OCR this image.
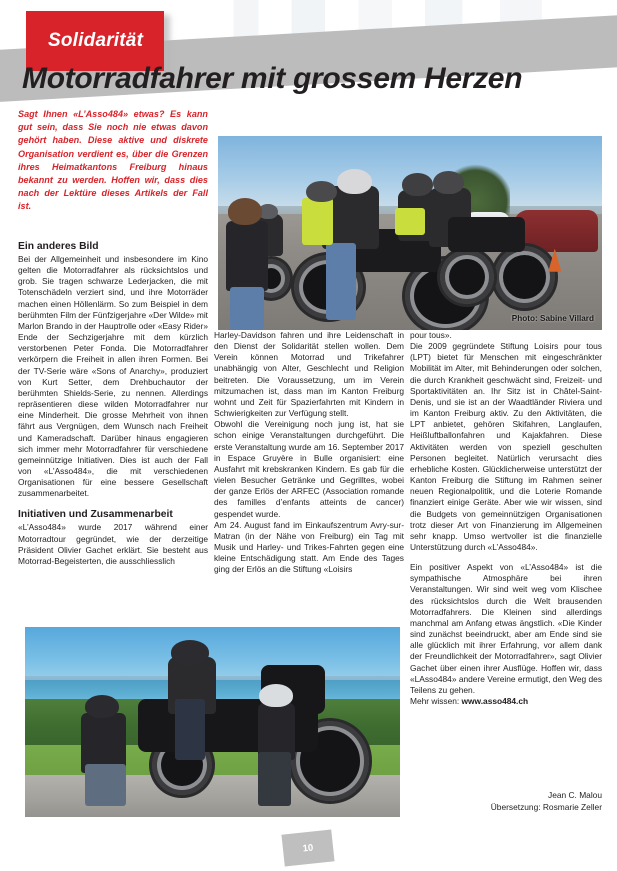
Solidarität
Motorradfahrer mit grossem Herzen
Sagt Ihnen «L’Asso484» etwas? Es kann gut sein, dass Sie noch nie etwas davon gehört haben. Diese aktive und diskrete Organisation verdient es, über die Grenzen ihres Heimatkantons Freiburg hinaus bekannt zu werden. Hoffen wir, dass dies nach der Lektüre dieses Artikels der Fall ist.
Photo: Sabine Villard

Ein anderes Bild

Bei der Allgemeinheit und insbesondere im Kino gelten die Motorradfahrer als rücksichtslos und grob. Sie tragen schwarze Lederjacken, die mit Totenschädeln verziert sind, und ihre Motorräder machen einen Höllenlärm. So zum Beispiel in dem berühmten Film der Fünfzigerjahre «Der Wilde» mit Marlon Brando in der Hauptrolle oder «Easy Rider» Ende der Sechzigerjahre mit dem kürzlich verstorbenen Peter Fonda. Die Motorradfahrer verkörpern die Freiheit in allen ihren Formen. Bei der TV-Serie wäre «Sons of Anarchy», produziert von Kurt Setter, dem Drehbuchautor der berühmten Shields-Serie, zu nennen. Allerdings repräsentieren diese wilden Motorradfahrer nur eine Minderheit. Die grosse Mehrheit von ihnen fährt aus Vergnügen, dem Wunsch nach Freiheit und Kameradschaft. Darüber hinaus engagieren sich immer mehr Motorradfahrer für verschiedene gemeinnützige Initiativen. Dies ist auch der Fall von «L’Asso484», die mit verschiedenen Organisationen für eine bessere Gesellschaft zusammenarbeitet.

Initiativen und Zusammenarbeit

«L’Asso484» wurde 2017 während einer Motorradtour gegründet, wie der derzeitige Präsident Olivier Gachet erklärt. Sie besteht aus Motorrad-Begeisterten, die ausschliesslich

Harley-Davidson fahren und ihre Leidenschaft in den Dienst der Solidarität stellen wollen. Dem Verein können Motorrad und Trikefahrer unabhängig von Alter, Geschlecht und Religion beitreten. Die Voraussetzung, um im Verein mitzumachen ist, dass man im Kanton Freiburg wohnt und Zeit für Spazierfahrten mit Kindern in Schwierigkeiten zur Verfügung stellt.

Obwohl die Vereinigung noch jung ist, hat sie schon einige Veranstaltungen durchgeführt. Die erste Veranstaltung wurde am 16. September 2017 in Espace Gruyère in Bulle organisiert: eine Ausfahrt mit krebskranken Kindern. Es gab für die vielen Besucher Getränke und Gegrilltes, wobei der ganze Erlös der ARFEC (Association romande des familles d’enfants atteints de cancer) gespendet wurde.

Am 24. August fand im Einkaufszentrum Avry-sur-Matran (in der Nähe von Freiburg) ein Tag mit Musik und Harley- und Trikes-Fahrten gegen eine kleine Entschädigung statt. Am Ende des Tages ging der Erlös an die Stiftung «Loisirs

pour tous».

Die 2009 gegründete Stiftung Loisirs pour tous (LPT) bietet für Menschen mit eingeschränkter Mobilität im Alter, mit Behinderungen oder solchen, die durch Krankheit geschwächt sind, Freizeit- und Sportaktivitäten an. Ihr Sitz ist in Châtel-Saint-Denis, und sie ist an der Waadtländer Riviera und im Kanton Freiburg aktiv. Zu den Aktivitäten, die LPT anbietet, gehören Skifahren, Langlaufen, Heißluftballonfahren und Kajakfahren. Diese Aktivitäten werden von speziell geschulten Personen begleitet. Natürlich verursacht dies erhebliche Kosten. Glücklicherweise unterstützt der Kanton Freiburg die Stiftung im Rahmen seiner neuen Regionalpolitik, und die Loterie Romande finanziert einige Geräte. Aber wie wir wissen, sind die Budgets von gemeinnützigen Organisationen trotz dieser Art von Finanzierung im Allgemeinen sehr knapp. Umso wertvoller ist die finanzielle Unterstützung durch «L’Asso484».

Ein positiver Aspekt von «L’Asso484» ist die sympathische Atmosphäre bei ihren Veranstaltungen. Wir sind weit weg vom Klischee des rücksichtslos durch die Welt brausenden Motorradfahrers. Die Kleinen sind allerdings manchmal am Anfang etwas ängstlich. «Die Kinder sind zunächst beeindruckt, aber am Ende sind sie alle glücklich mit ihrer Erfahrung, vor allem dank der Freundlichkeit der Motorradfahrer», sagt Olivier Gachet über einen ihrer Ausflüge. Hoffen wir, dass «LAsso484» andere Vereine ermutigt, den Weg des Teilens zu gehen.

Mehr wissen: www.asso484.ch

Jean C. Malou
Übersetzung: Rosmarie Zeller
10
